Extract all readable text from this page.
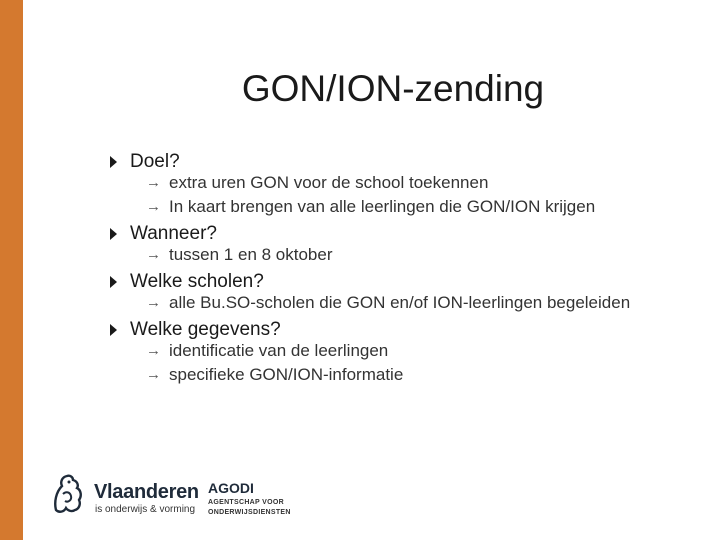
GON/ION-zending
Doel?
→ extra uren GON voor de school toekennen
→ In kaart brengen van alle leerlingen die GON/ION krijgen
Wanneer?
→ tussen 1 en 8 oktober
Welke scholen?
→ alle Bu.SO-scholen die GON en/of ION-leerlingen begeleiden
Welke gegevens?
→ identificatie van de leerlingen
→ specifieke GON/ION-informatie
Vlaanderen
is onderwijs & vorming
AGODI
AGENTSCHAP VOOR ONDERWIJSDIENSTEN
